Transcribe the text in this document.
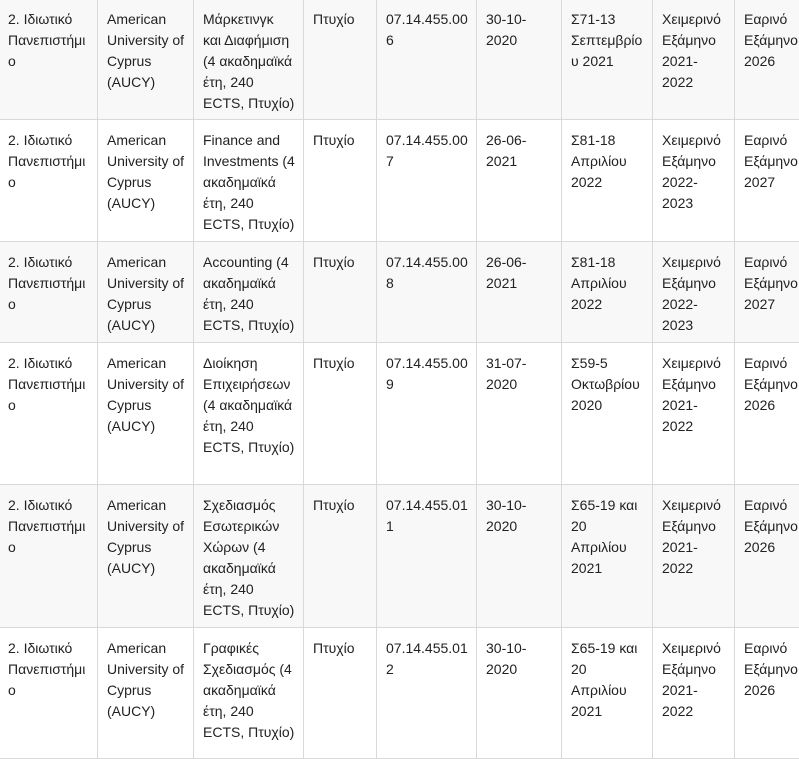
2. Ιδιωτικό Πανεπιστήμιο	American University of Cyprus (AUCY)	Μάρκετινγκ και Διαφήμιση (4 ακαδημαϊκά έτη, 240 ECTS, Πτυχίο)	Πτυχίο	07.14.455.006	30-10-2020	Σ71-13 Σεπτεμβρίου 2021	Χειμερινό Εξάμηνο 2021-2022	Εαρινό Εξάμηνο 2026
2. Ιδιωτικό Πανεπιστήμιο	American University of Cyprus (AUCY)	Finance and Investments (4 ακαδημαϊκά έτη, 240 ECTS, Πτυχίο)	Πτυχίο	07.14.455.007	26-06-2021	Σ81-18 Απριλίου 2022	Χειμερινό Εξάμηνο 2022-2023	Εαρινό Εξάμηνο 2027
2. Ιδιωτικό Πανεπιστήμιο	American University of Cyprus (AUCY)	Accounting (4 ακαδημαϊκά έτη, 240 ECTS, Πτυχίο)	Πτυχίο	07.14.455.008	26-06-2021	Σ81-18 Απριλίου 2022	Χειμερινό Εξάμηνο 2022-2023	Εαρινό Εξάμηνο 2027
2. Ιδιωτικό Πανεπιστήμιο	American University of Cyprus (AUCY)	Διοίκηση Επιχειρήσεων (4 ακαδημαϊκά έτη, 240 ECTS, Πτυχίο)	Πτυχίο	07.14.455.009	31-07-2020	Σ59-5 Οκτωβρίου 2020	Χειμερινό Εξάμηνο 2021-2022	Εαρινό Εξάμηνο 2026
2. Ιδιωτικό Πανεπιστήμιο	American University of Cyprus (AUCY)	Σχεδιασμός Εσωτερικών Χώρων (4 ακαδημαϊκά έτη, 240 ECTS, Πτυχίο)	Πτυχίο	07.14.455.011	30-10-2020	Σ65-19 και 20 Απριλίου 2021	Χειμερινό Εξάμηνο 2021-2022	Εαρινό Εξάμηνο 2026
2. Ιδιωτικό Πανεπιστήμιο	American University of Cyprus (AUCY)	Γραφικές Σχεδιασμός (4 ακαδημαϊκά έτη, 240 ECTS, Πτυχίο)	Πτυχίο	07.14.455.012	30-10-2020	Σ65-19 και 20 Απριλίου 2021	Χειμερινό Εξάμηνο 2021-2022	Εαρινό Εξάμηνο 2026
